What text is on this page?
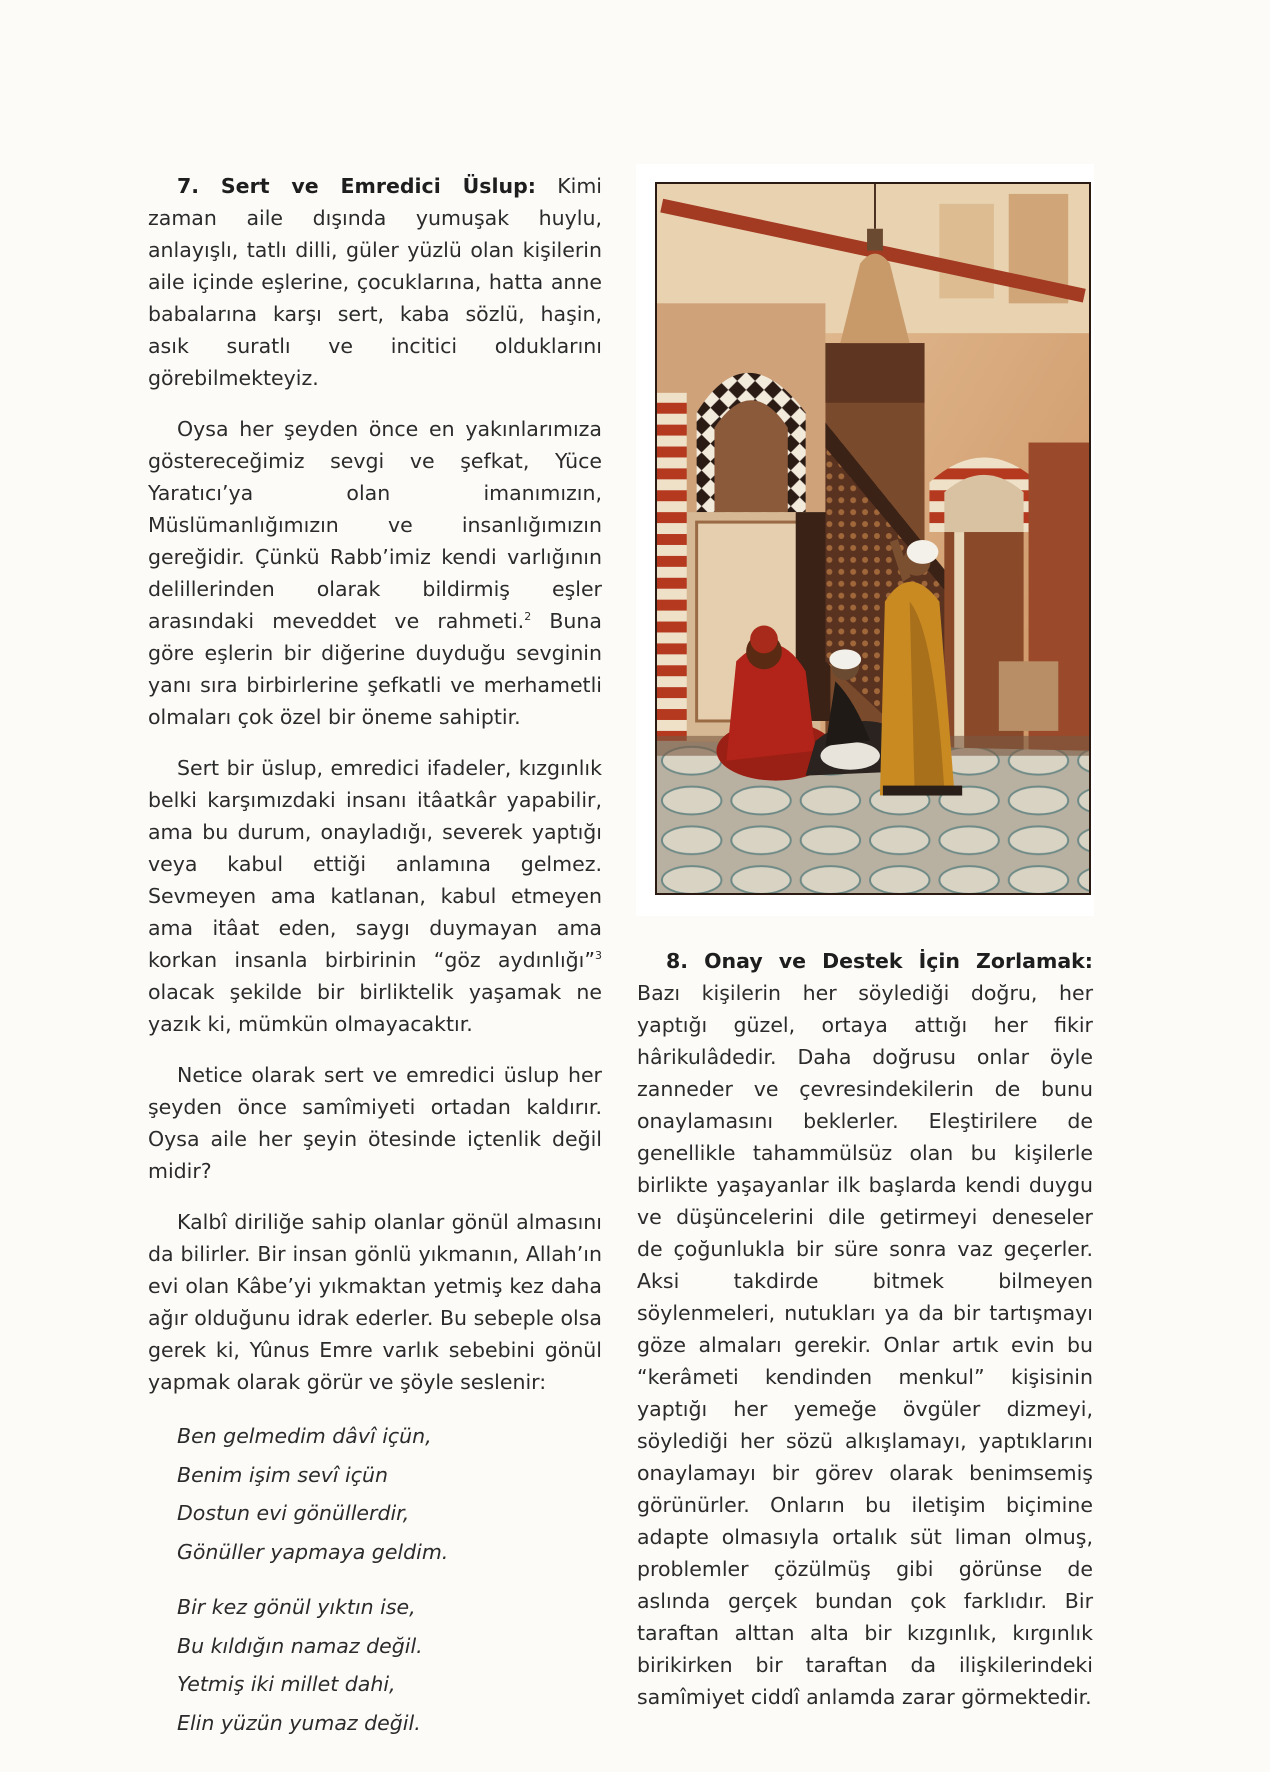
7. Sert ve Emredici Üslup: Kimi zaman aile dışında yumuşak huylu, anlayışlı, tatlı dilli, güler yüzlü olan kişilerin aile içinde eşlerine, çocuklarına, hatta anne babalarına karşı sert, kaba sözlü, haşin, asık suratlı ve incitici olduklarını görebilmekteyiz.

Oysa her şeyden önce en yakınlarımıza göstereceğimiz sevgi ve şefkat, Yüce Yaratıcı’ya olan imanımızın, Müslümanlığımızın ve insanlığımızın gereğidir. Çünkü Rabb’imiz kendi varlığının delillerinden olarak bildirmiş eşler arasındaki meveddet ve rahmeti.$^2$ Buna göre eşlerin bir diğerine duyduğu sevginin yanı sıra birbirlerine şefkatli ve merhametli olmaları çok özel bir öneme sahiptir.

Sert bir üslup, emredici ifadeler, kızgınlık belki karşımızdaki insanı itâatkâr yapabilir, ama bu durum, onayladığı, severek yaptığı veya kabul ettiği anlamına gelmez. Sevmeyen ama katlanan, kabul etmeyen ama itâat eden, saygı duymayan ama korkan insanla birbirinin “göz aydınlığı”$^3$ olacak şekilde bir birliktelik yaşamak ne yazık ki, mümkün olmayacaktır.

Netice olarak sert ve emredici üslup her şeyden önce samîmiyeti ortadan kaldırır. Oysa aile her şeyin ötesinde içtenlik değil midir?

Kalbî diriliğe sahip olanlar gönül almasını da bilirler. Bir insan gönlü yıkmanın, Allah’ın evi olan Kâbe’yi yıkmaktan yetmiş kez daha ağır olduğunu idrak ederler. Bu sebeple olsa gerek ki, Yûnus Emre varlık sebebini gönül yapmak olarak görür ve şöyle seslenir:

Ben gelmedim dâvî içün,
Benim işim sevî içün
Dostun evi gönüllerdir,
Gönüller yapmaya geldim.
Bir kez gönül yıktın ise,
Bu kıldığın namaz değil.
Yetmiş iki millet dahi,
Elin yüzün yumaz değil.

8. Onay ve Destek İçin Zorlamak: Bazı kişilerin her söylediği doğru, her yaptığı güzel, ortaya attığı her fikir hârikulâdedir. Daha doğrusu onlar öyle zanneder ve çevresindekilerin de bunu onaylamasını beklerler. Eleştirilere de genellikle tahammülsüz olan bu kişilerle birlikte yaşayanlar ilk başlarda kendi duygu ve düşüncelerini dile getirmeyi deneseler de çoğunlukla bir süre sonra vaz geçerler. Aksi takdirde bitmek bilmeyen söylenmeleri, nutukları ya da bir tartışmayı göze almaları gerekir. Onlar artık evin bu “kerâmeti kendinden menkul” kişisinin yaptığı her yemeğe övgüler dizmeyi, söylediği her sözü alkışlamayı, yaptıklarını onaylamayı bir görev olarak benimsemiş görünürler. Onların bu iletişim biçimine adapte olmasıyla ortalık süt liman olmuş, problemler çözülmüş gibi görünse de aslında gerçek bundan çok farklıdır. Bir taraftan alttan alta bir kızgınlık, kırgınlık birikirken bir taraftan da ilişkilerindeki samîmiyet ciddî anlamda zarar görmektedir.
